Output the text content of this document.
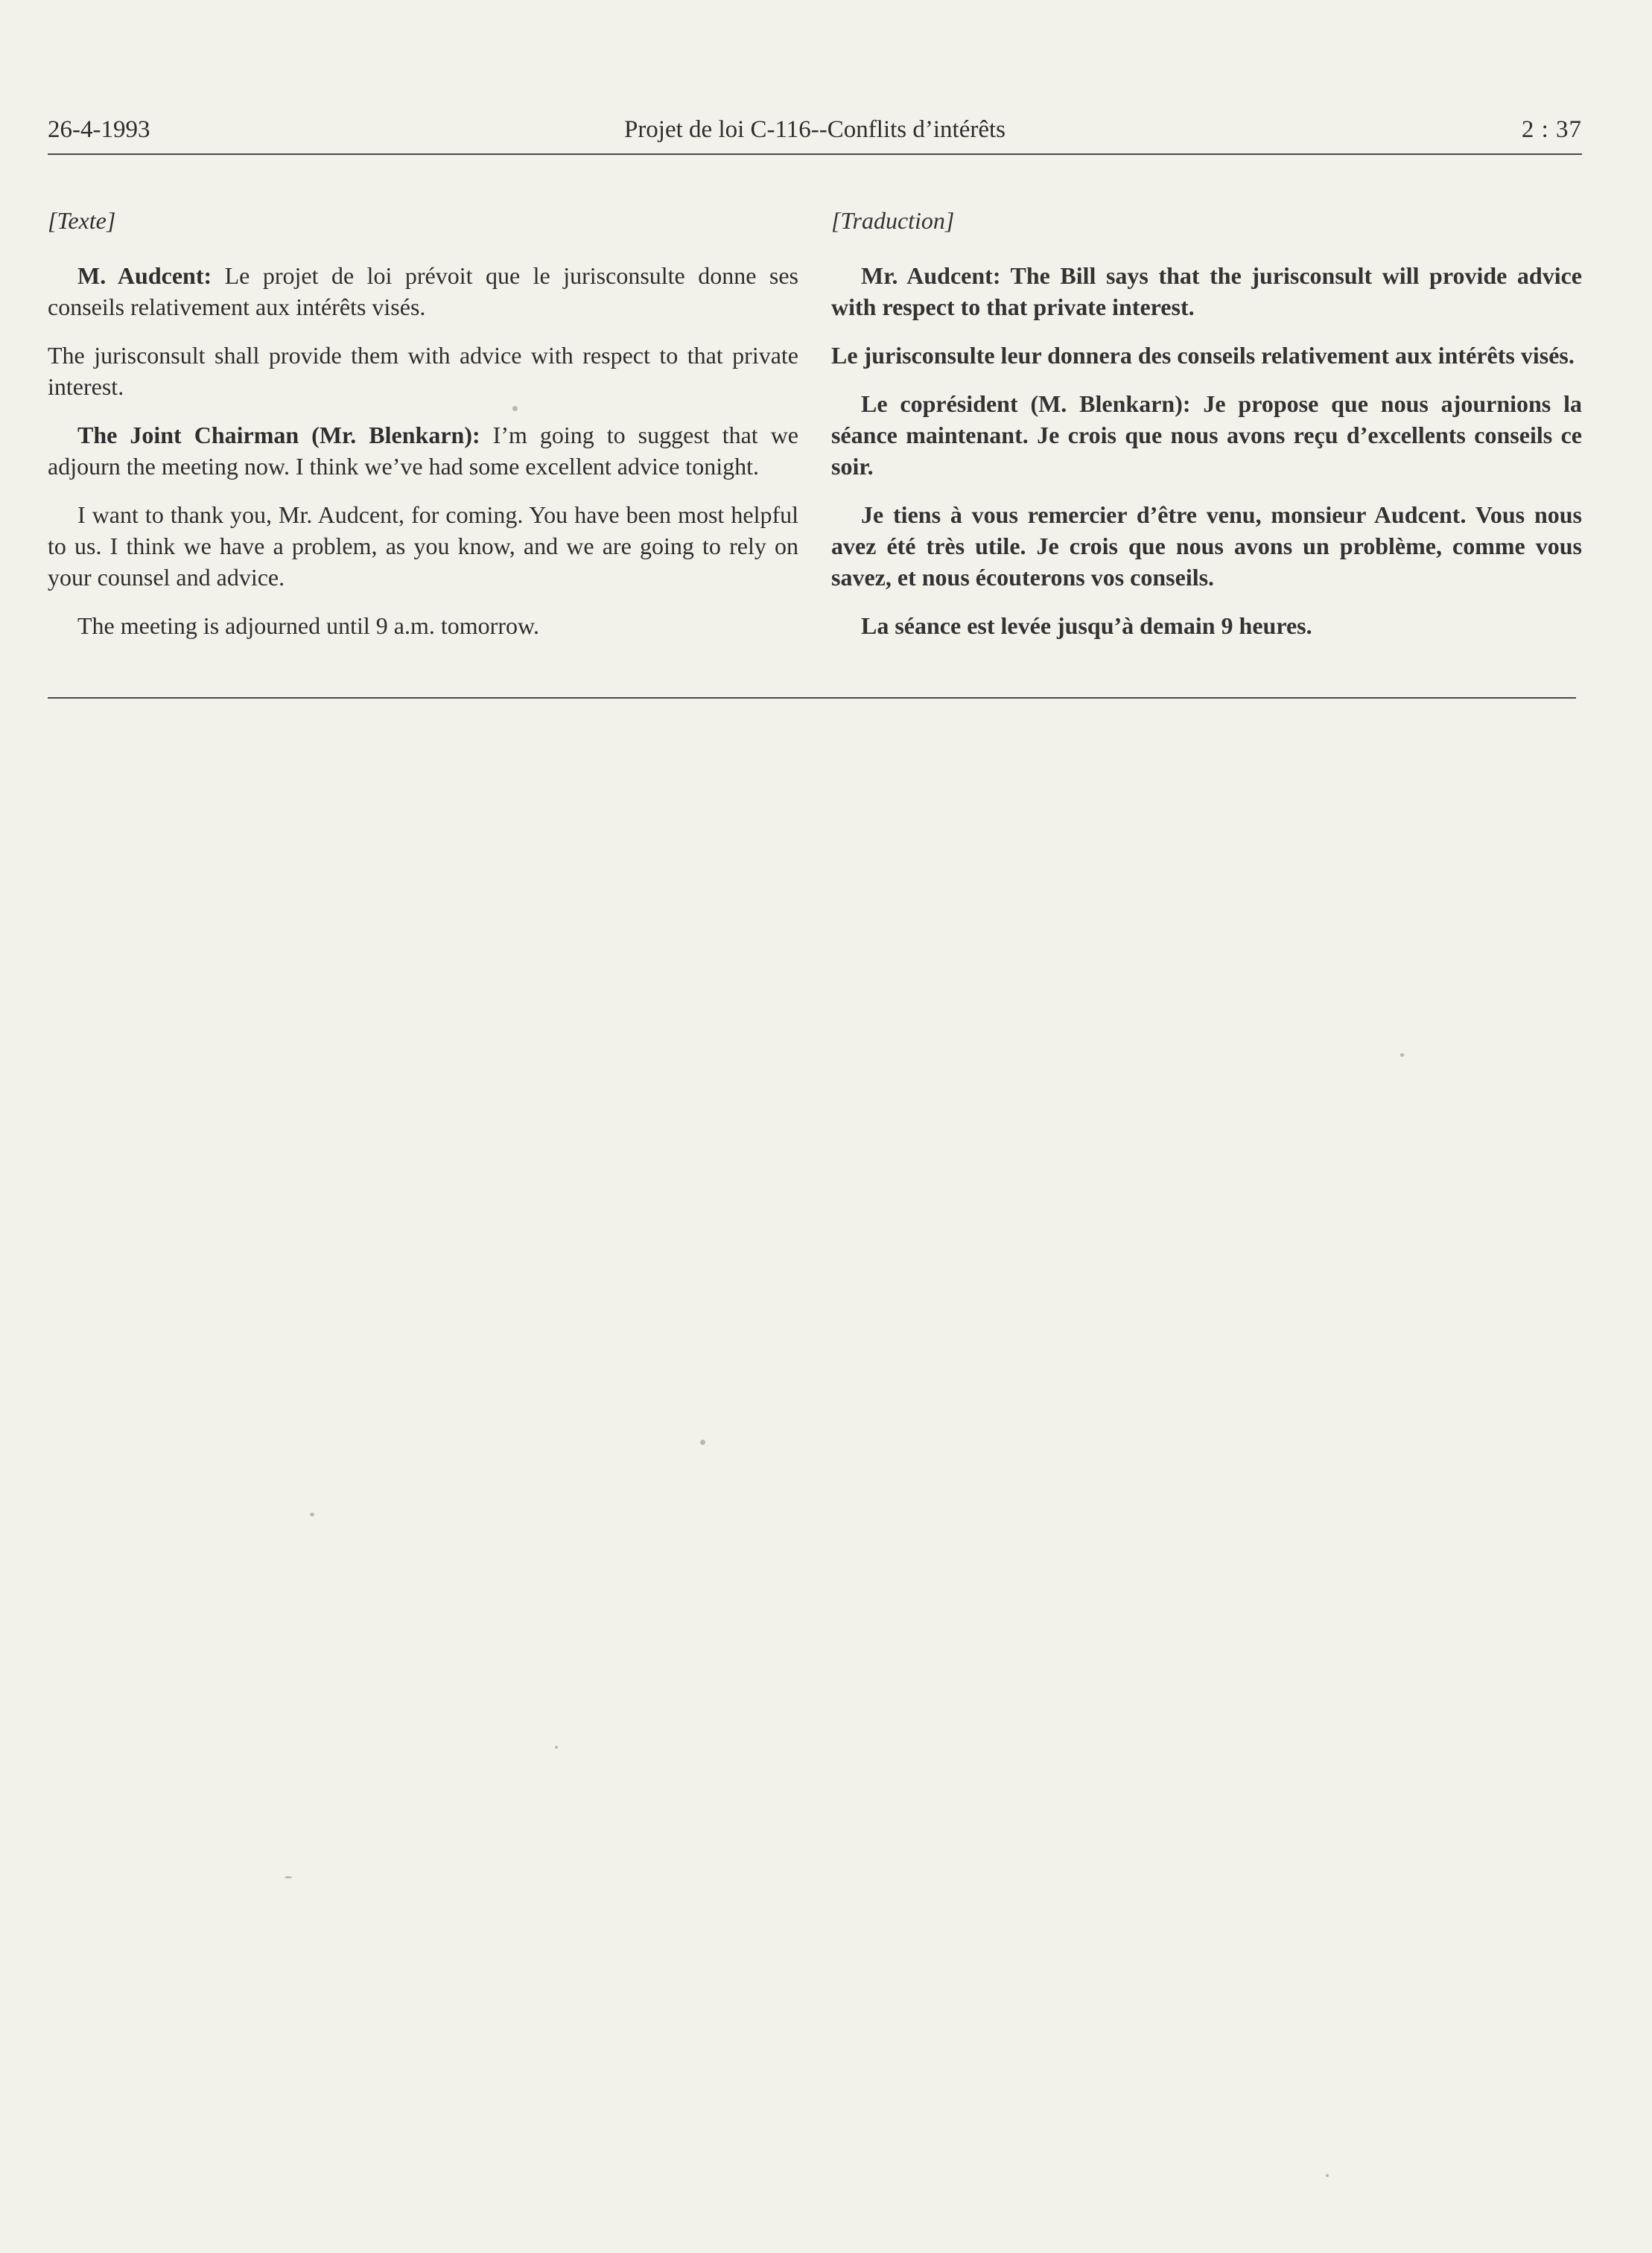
26-4-1993	Projet de loi C-116--Conflits d’intérêts	2 : 37

[Texte]

M. Audcent: Le projet de loi prévoit que le jurisconsulte donne ses conseils relativement aux intérêts visés.

The jurisconsult shall provide them with advice with respect to that private interest.

The Joint Chairman (Mr. Blenkarn): I’m going to suggest that we adjourn the meeting now. I think we’ve had some excellent advice tonight.

I want to thank you, Mr. Audcent, for coming. You have been most helpful to us. I think we have a problem, as you know, and we are going to rely on your counsel and advice.

The meeting is adjourned until 9 a.m. tomorrow.

[Traduction]

Mr. Audcent: The Bill says that the jurisconsult will provide advice with respect to that private interest.

Le jurisconsulte leur donnera des conseils relativement aux intérêts visés.

Le coprésident (M. Blenkarn): Je propose que nous ajournions la séance maintenant. Je crois que nous avons reçu d’excellents conseils ce soir.

Je tiens à vous remercier d’être venu, monsieur Audcent. Vous nous avez été très utile. Je crois que nous avons un problème, comme vous savez, et nous écouterons vos conseils.

La séance est levée jusqu’à demain 9 heures.
